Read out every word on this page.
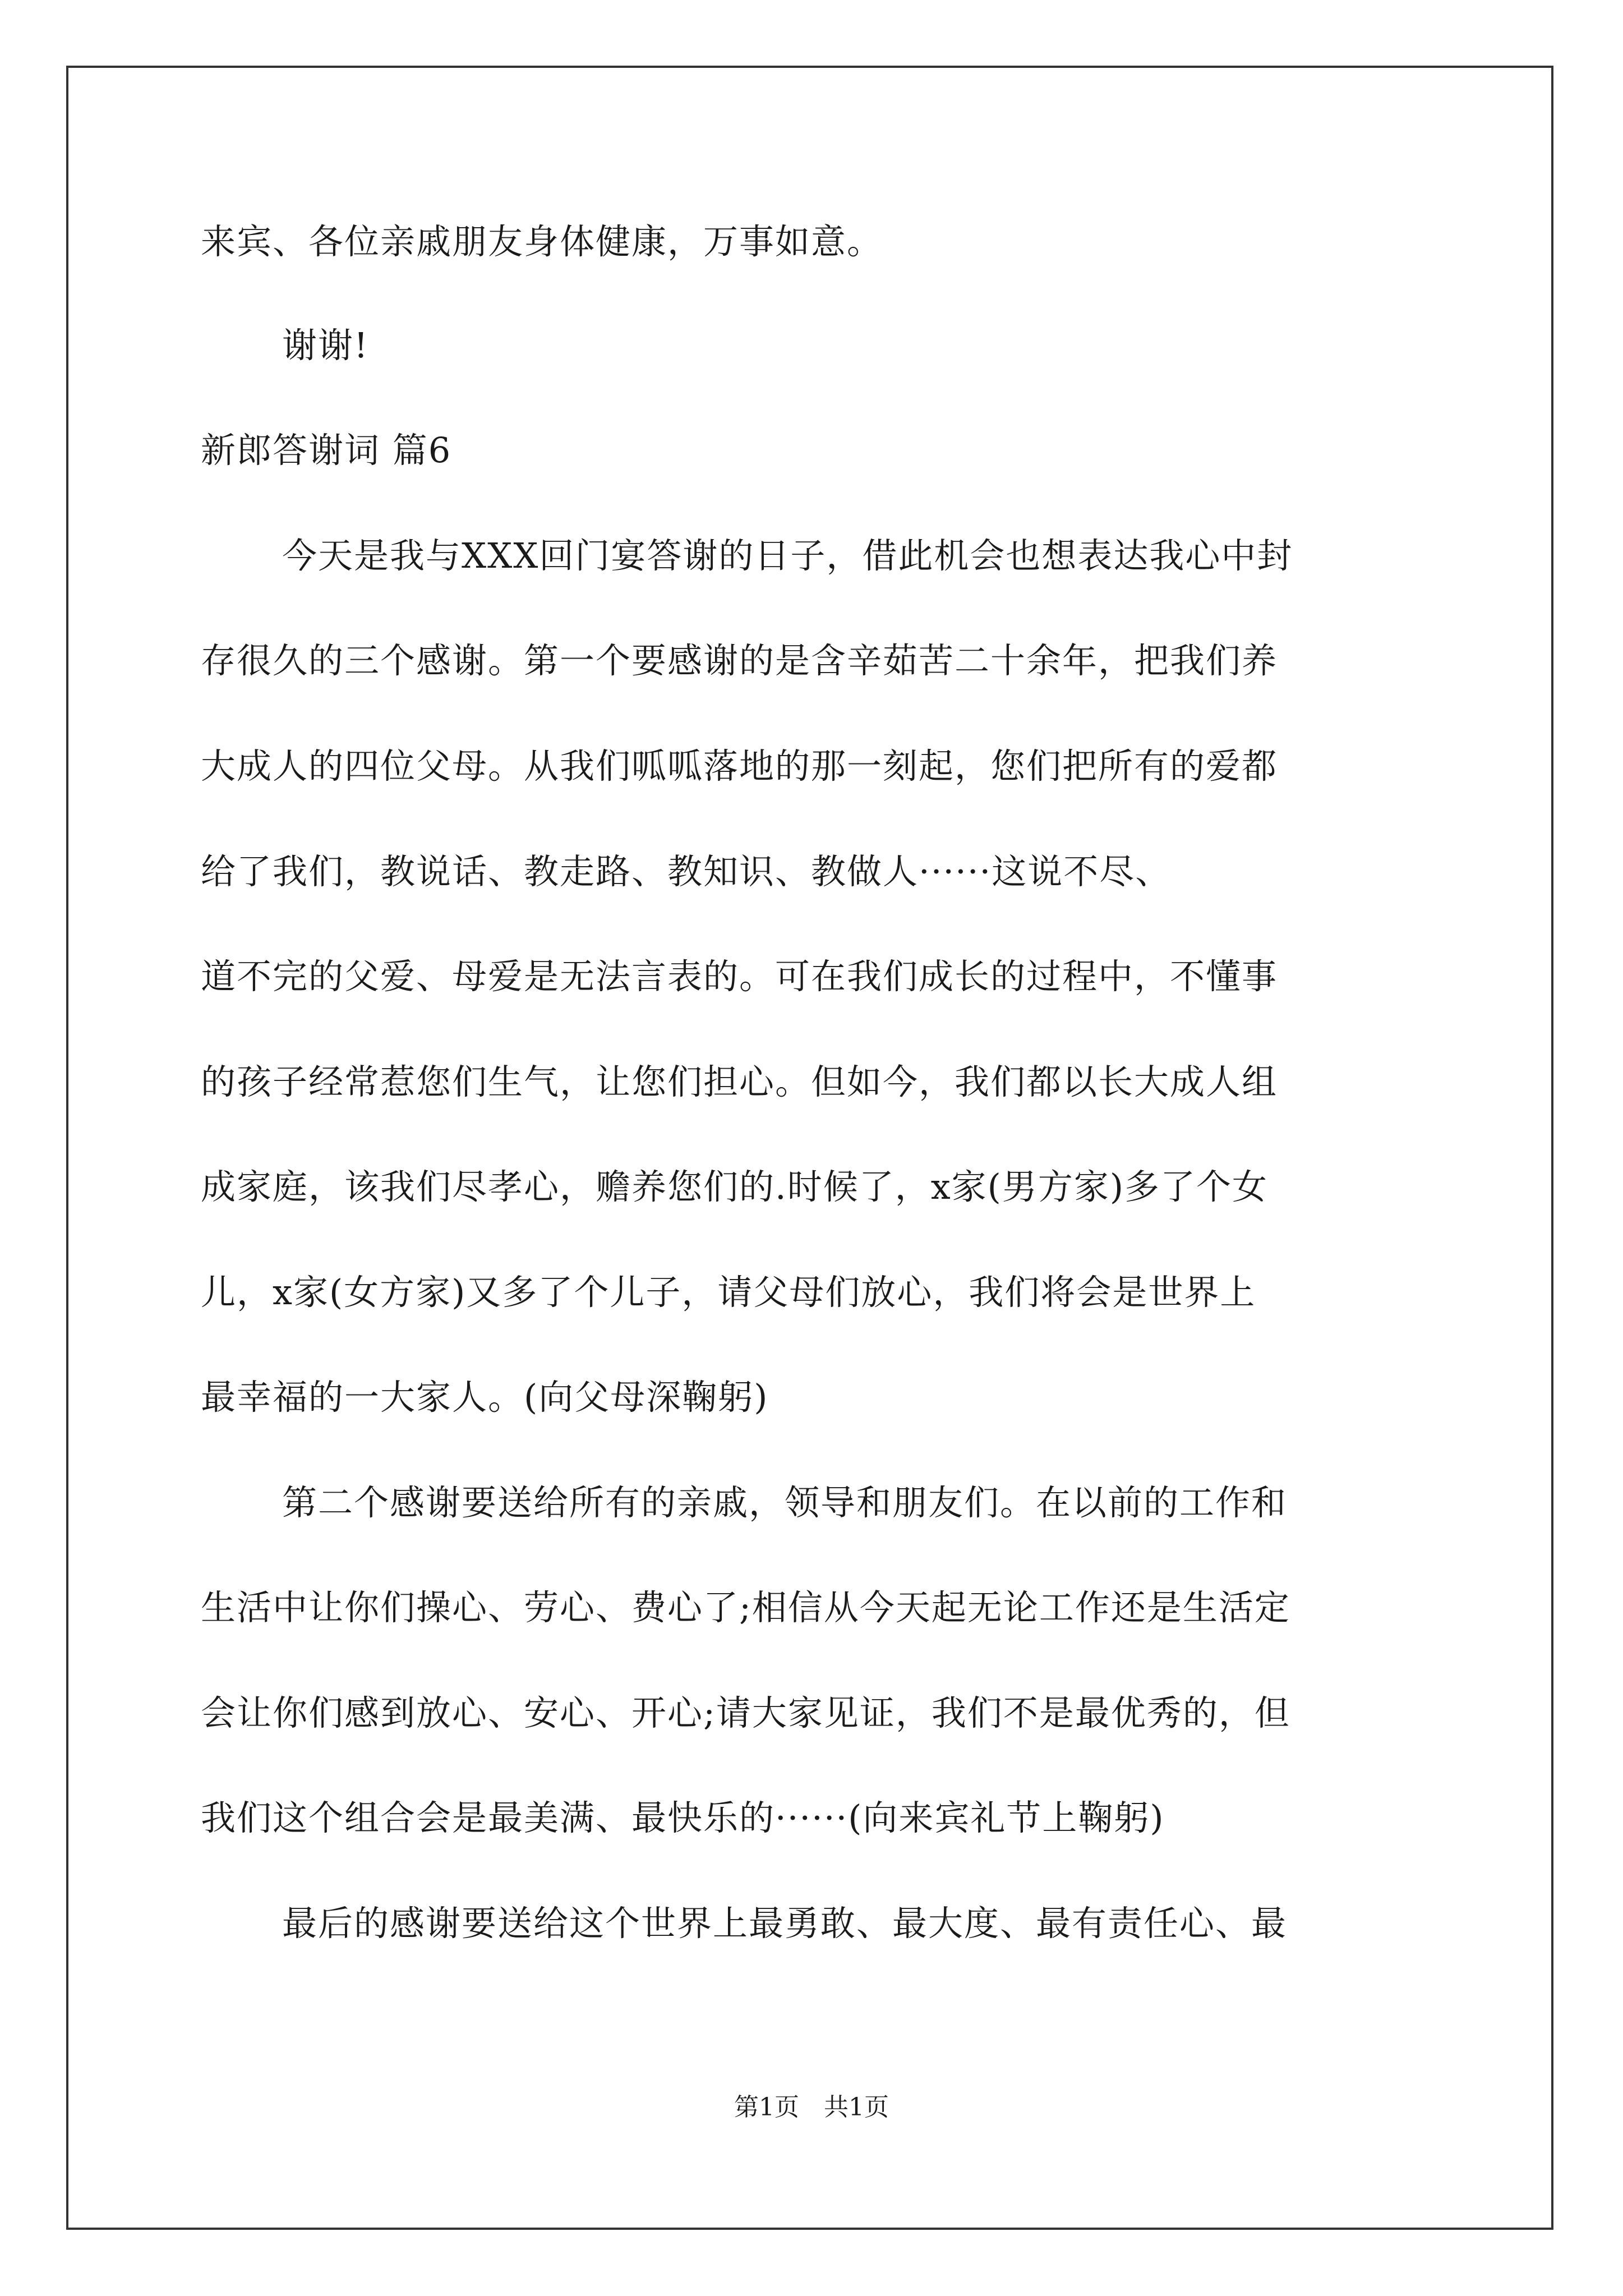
来宾、各位亲戚朋友身体健康，万事如意。

谢谢!

新郎答谢词 篇6

今天是我与XXX回门宴答谢的日子，借此机会也想表达我心中封

存很久的三个感谢。第一个要感谢的是含辛茹苦二十余年，把我们养

大成人的四位父母。从我们呱呱落地的那一刻起，您们把所有的爱都

给了我们，教说话、教走路、教知识、教做人······这说不尽、

道不完的父爱、母爱是无法言表的。可在我们成长的过程中，不懂事

的孩子经常惹您们生气，让您们担心。但如今，我们都以长大成人组

成家庭，该我们尽孝心，赡养您们的.时候了，x家(男方家)多了个女

儿，x家(女方家)又多了个儿子，请父母们放心，我们将会是世界上

最幸福的一大家人。(向父母深鞠躬)

第二个感谢要送给所有的亲戚，领导和朋友们。在以前的工作和

生活中让你们操心、劳心、费心了;相信从今天起无论工作还是生活定

会让你们感到放心、安心、开心;请大家见证，我们不是最优秀的，但

我们这个组合会是最美满、最快乐的······(向来宾礼节上鞠躬)

最后的感谢要送给这个世界上最勇敢、最大度、最有责任心、最

第1页　共1页
